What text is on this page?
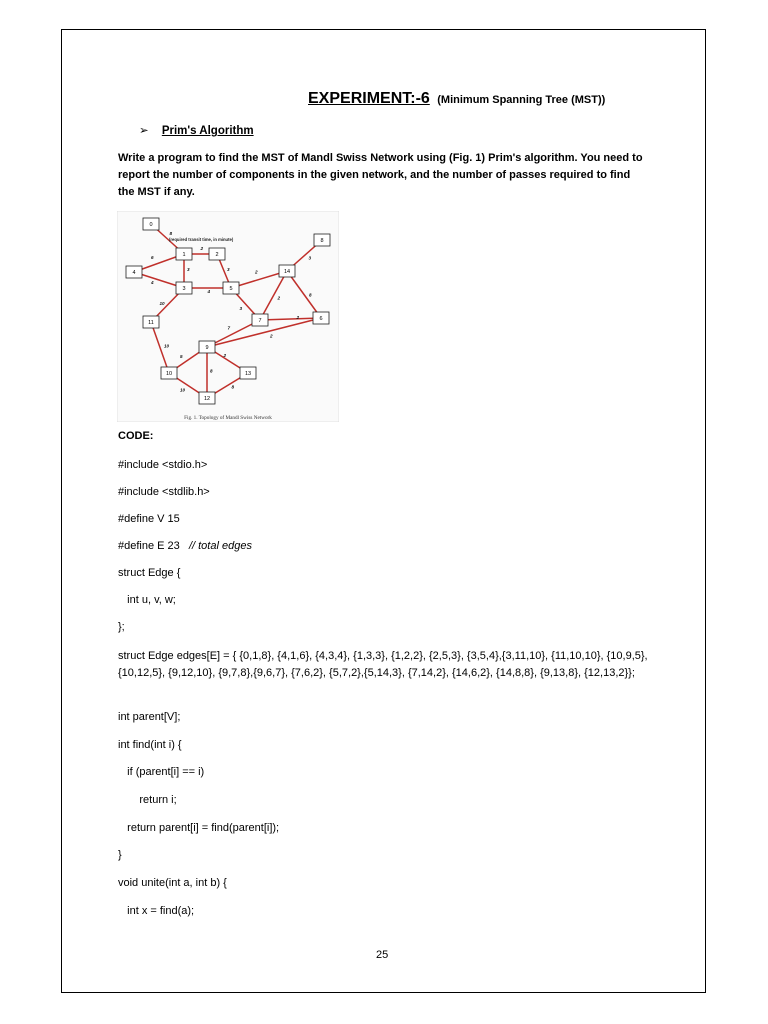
EXPERIMENT:-6 (Minimum Spanning Tree (MST))
➢ Prim's Algorithm
Write a program to find the MST of Mandl Swiss Network using (Fig. 1) Prim's algorithm. You need to report the number of components in the given network, and the number of passes required to find the MST if any.
8
6
4
3
2
3
4
10
10
5
10
8
7
2
2
3
2
2
8
3
2
8
0
1	2
3
4
5
6
7
8
9
10
11
12
13
14
(required transit time, in minute)
Fig. 1. Topology of Mandl Swiss Network
CODE:
#include <stdio.h>
#include <stdlib.h>
#define V 15
#define E 23 // total edges
struct Edge {
int u, v, w;
};
struct Edge edges[E] = { {0,1,8}, {4,1,6}, {4,3,4}, {1,3,3}, {1,2,2}, {2,5,3}, {3,5,4},{3,11,10}, {11,10,10}, {10,9,5},{10,12,5}, {9,12,10}, {9,7,8},{9,6,7}, {7,6,2}, {5,7,2},{5,14,3}, {7,14,2}, {14,6,2}, {14,8,8}, {9,13,8}, {12,13,2}};
int parent[V];
int find(int i) {
if (parent[i] == i)
return i;
return parent[i] = find(parent[i]);
}
void unite(int a, int b) {
int x = find(a);
25
